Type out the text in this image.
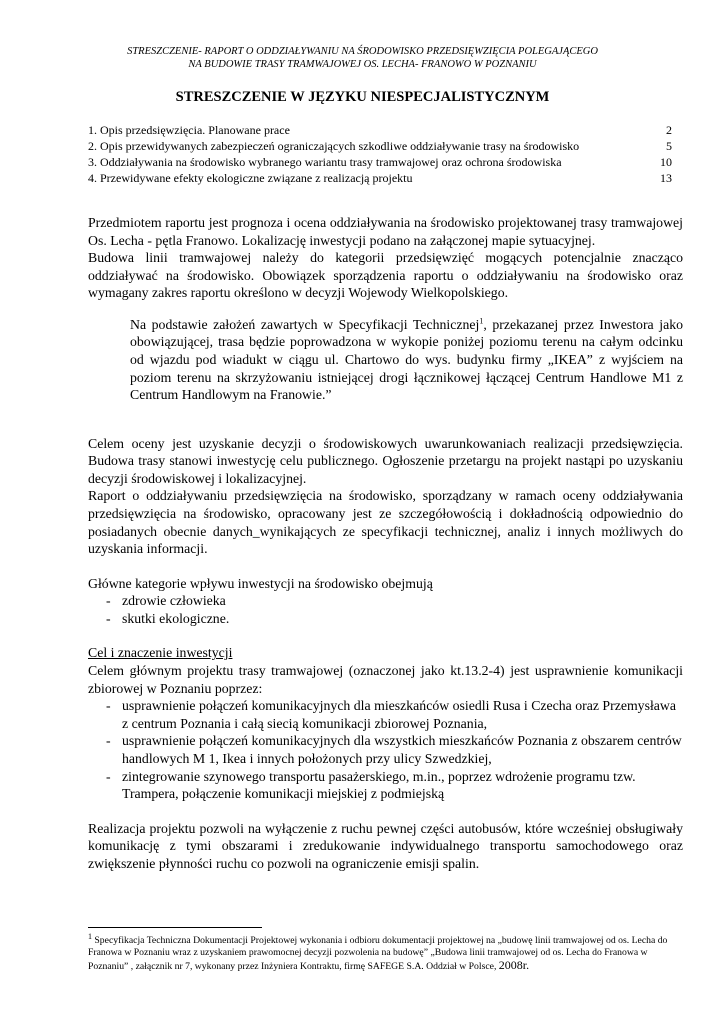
STRESZCZENIE- RAPORT O ODDZIAŁYWANIU NA ŚRODOWISKO PRZEDSIĘWZIĘCIA POLEGAJĄCEGO
NA BUDOWIE TRASY TRAMWAJOWEJ OS. LECHA- FRANOWO W POZNANIU
STRESZCZENIE W JĘZYKU NIESPECJALISTYCZNYM
1. Opis przedsięwzięcia. Planowane prace	2
2. Opis przewidywanych zabezpieczeń ograniczających szkodliwe oddziaływanie trasy na środowisko	5
3. Oddziaływania na środowisko wybranego wariantu trasy tramwajowej oraz ochrona środowiska	10
4. Przewidywane efekty ekologiczne związane z realizacją projektu	13

Przedmiotem raportu jest prognoza i ocena oddziaływania na środowisko projektowanej trasy tramwajowej Os. Lecha - pętla Franowo. Lokalizację inwestycji podano na załączonej mapie sytuacyjnej.

Budowa linii tramwajowej należy do kategorii przedsięwzięć mogących potencjalnie znacząco oddziaływać na środowisko. Obowiązek sporządzenia raportu o oddziaływaniu na środowisko oraz wymagany zakres raportu określono w decyzji Wojewody Wielkopolskiego.

Na podstawie założeń zawartych w Specyfikacji Technicznej$^1$, przekazanej przez Inwestora jako obowiązującej, trasa będzie poprowadzona w wykopie poniżej poziomu terenu na całym odcinku od wjazdu pod wiadukt w ciągu ul. Chartowo do wys. budynku firmy „IKEA” z wyjściem na poziom terenu na skrzyżowaniu istniejącej drogi łącznikowej łączącej Centrum Handlowe M1 z Centrum Handlowym na Franowie.”

Celem oceny jest uzyskanie decyzji o środowiskowych uwarunkowaniach realizacji przedsięwzięcia. Budowa trasy stanowi inwestycję celu publicznego. Ogłoszenie przetargu na projekt nastąpi po uzyskaniu decyzji środowiskowej i lokalizacyjnej.

Raport o oddziaływaniu przedsięwzięcia na środowisko, sporządzany w ramach oceny oddziaływania przedsięwzięcia na środowisko, opracowany jest ze szczegółowością i dokładnością odpowiednio do posiadanych obecnie danych_wynikających ze specyfikacji technicznej, analiz i innych możliwych do uzyskania informacji.

Główne kategorie wpływu inwestycji na środowisko obejmują

- zdrowie człowieka
- skutki ekologiczne.

Cel i znaczenie inwestycji

Celem głównym projektu trasy tramwajowej (oznaczonej jako kt.13.2-4) jest usprawnienie komunikacji zbiorowej w Poznaniu poprzez:

- usprawnienie połączeń komunikacyjnych dla mieszkańców osiedli Rusa i Czecha oraz Przemysława z centrum Poznania i całą siecią komunikacji zbiorowej Poznania,
- usprawnienie połączeń komunikacyjnych dla wszystkich mieszkańców Poznania z obszarem centrów handlowych M 1, Ikea i innych położonych przy ulicy Szwedzkiej,
- zintegrowanie szynowego transportu pasażerskiego, m.in., poprzez wdrożenie programu tzw. Trampera, połączenie komunikacji miejskiej z podmiejską

Realizacja projektu pozwoli na wyłączenie z ruchu pewnej części autobusów, które wcześniej obsługiwały komunikację z tymi obszarami i zredukowanie indywidualnego transportu samochodowego oraz zwiększenie płynności ruchu co pozwoli na ograniczenie emisji spalin.

$^1$ Specyfikacja Techniczna Dokumentacji Projektowej wykonania i odbioru dokumentacji projektowej na „budowę linii tramwajowej od os. Lecha do Franowa w Poznaniu wraz z uzyskaniem prawomocnej decyzji pozwolenia na budowę” „Budowa linii tramwajowej od os. Lecha do Franowa w Poznaniu” , załącznik nr 7, wykonany przez Inżyniera Kontraktu, firmę SAFEGE S.A. Oddział w Polsce, 2008r.
